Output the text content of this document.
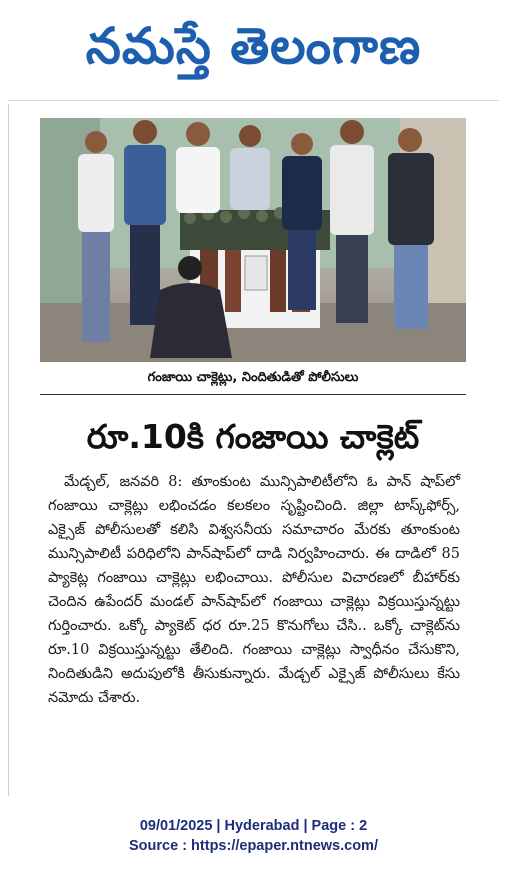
నమస్తే తెలంగాణ
గంజాయి చాక్లెట్లు, నిందితుడితో పోలీసులు
రూ.10కి గంజాయి చాక్లెట్

మేడ్చల్‌, జనవరి 8: తూంకుంట మున్సిపాలిటీలోని ఓ పాన్‌ షాప్‌లో గంజాయి చాక్లెట్లు లభించడం కలకలం సృష్టించింది. జిల్లా టాస్క్‌ఫోర్స్‌, ఎక్సైజ్‌ పోలీసులతో కలిసి విశ్వసనీయ సమాచారం మేరకు తూంకుంట మున్సిపాలిటీ పరిధిలోని పాన్‌షాప్‌లో దాడి నిర్వహించారు. ఈ దాడిలో 85 ప్యాకెట్ల గంజాయి చాక్లెట్లు లభించాయి. పోలీసుల విచారణలో బీహార్‌కు చెందిన ఉపేందర్‌ మండల్‌ పాన్‌షాప్‌లో గంజాయి చాక్లెట్లు విక్రయిస్తున్నట్టు గుర్తించారు. ఒక్కో ప్యాకెట్‌ ధర రూ.25 కొనుగోలు చేసి.. ఒక్కో చాక్లెట్‌ను రూ.10 విక్రయిస్తున్నట్టు తేలింది. గంజాయి చాక్లెట్లు స్వాధీనం చేసుకొని, నిందితుడిని అదుపులోకి తీసుకున్నారు. మేడ్చల్‌ ఎక్సైజ్‌ పోలీసులు కేసు నమోదు చేశారు.

09/01/2025 | Hyderabad | Page : 2
Source : https://epaper.ntnews.com/
